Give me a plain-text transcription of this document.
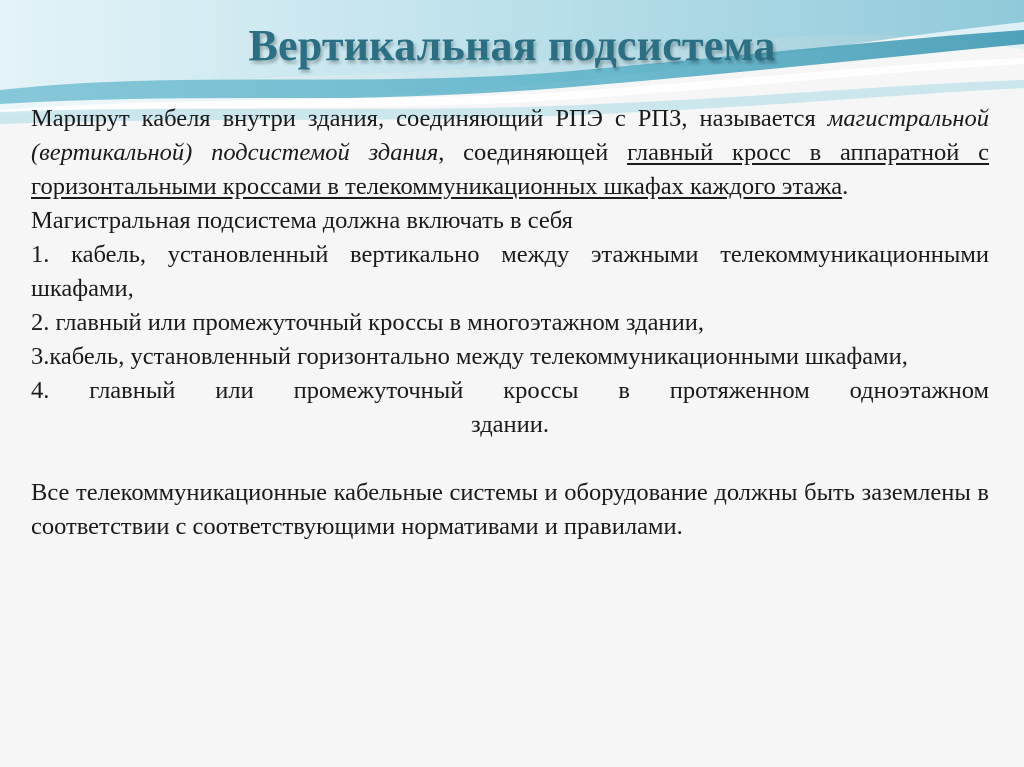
Вертикальная подсистема

Маршрут кабеля внутри здания, соединяющий РПЭ с РПЗ, называется магистральной (вертикальной) подсистемой здания, соединяющей главный кросс в аппаратной с горизонтальными кроссами в телекоммуникационных шкафах каждого этажа.

Магистральная подсистема должна включать в себя

1. кабель, установленный вертикально между этажными телекоммуникационными шкафами,

2. главный или промежуточный кроссы в многоэтажном здании,

3.кабель, установленный горизонтально между телекоммуникационными шкафами,

4. главный или промежуточный кроссы в протяженном одноэтажном

здании.

Все телекоммуникационные кабельные системы и оборудование должны быть заземлены в соответствии с соответствующими нормативами и правилами.
